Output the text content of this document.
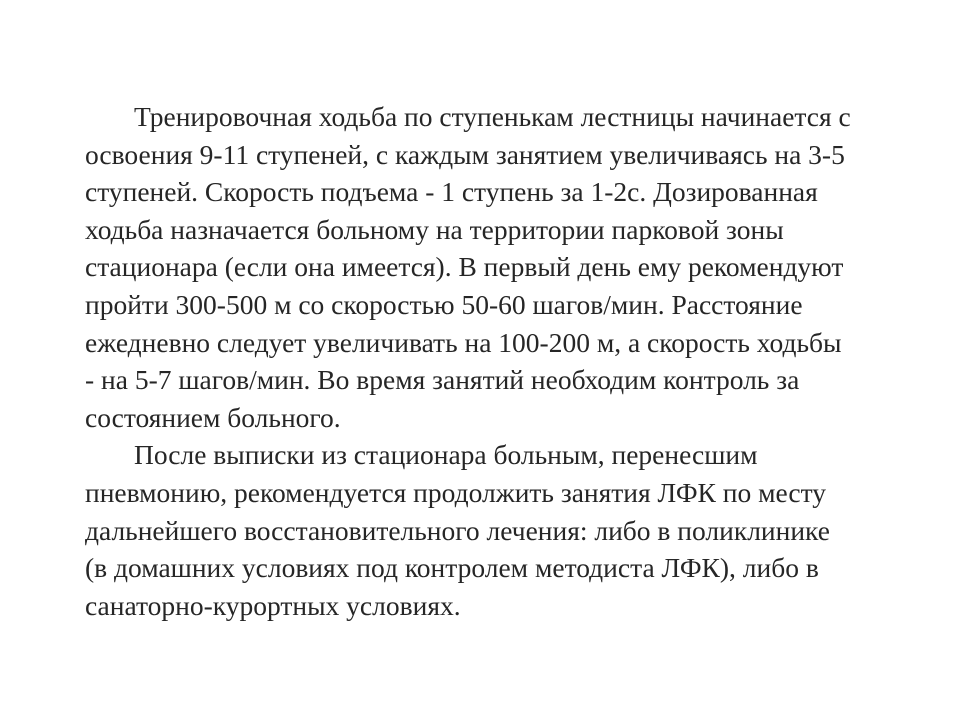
Тренировочная ходьба по ступенькам лестницы начинается с
освоения 9-11 ступеней, с каждым занятием увеличиваясь на 3-5
ступеней. Скорость подъема - 1 ступень за 1-2с. Дозированная
ходьба назначается больному на территории парковой зоны
стационара (если она имеется). В первый день ему рекомендуют
пройти 300-500 м со скоростью 50-60 шагов/мин. Расстояние
ежедневно следует увеличивать на 100-200 м, а скорость ходьбы
- на 5-7 шагов/мин. Во время занятий необходим контроль за
состоянием больного.
После выписки из стационара больным, перенесшим
пневмонию, рекомендуется продолжить занятия ЛФК по месту
дальнейшего восстановительного лечения: либо в поликлинике
(в домашних условиях под контролем методиста ЛФК), либо в
санаторно-курортных условиях.
